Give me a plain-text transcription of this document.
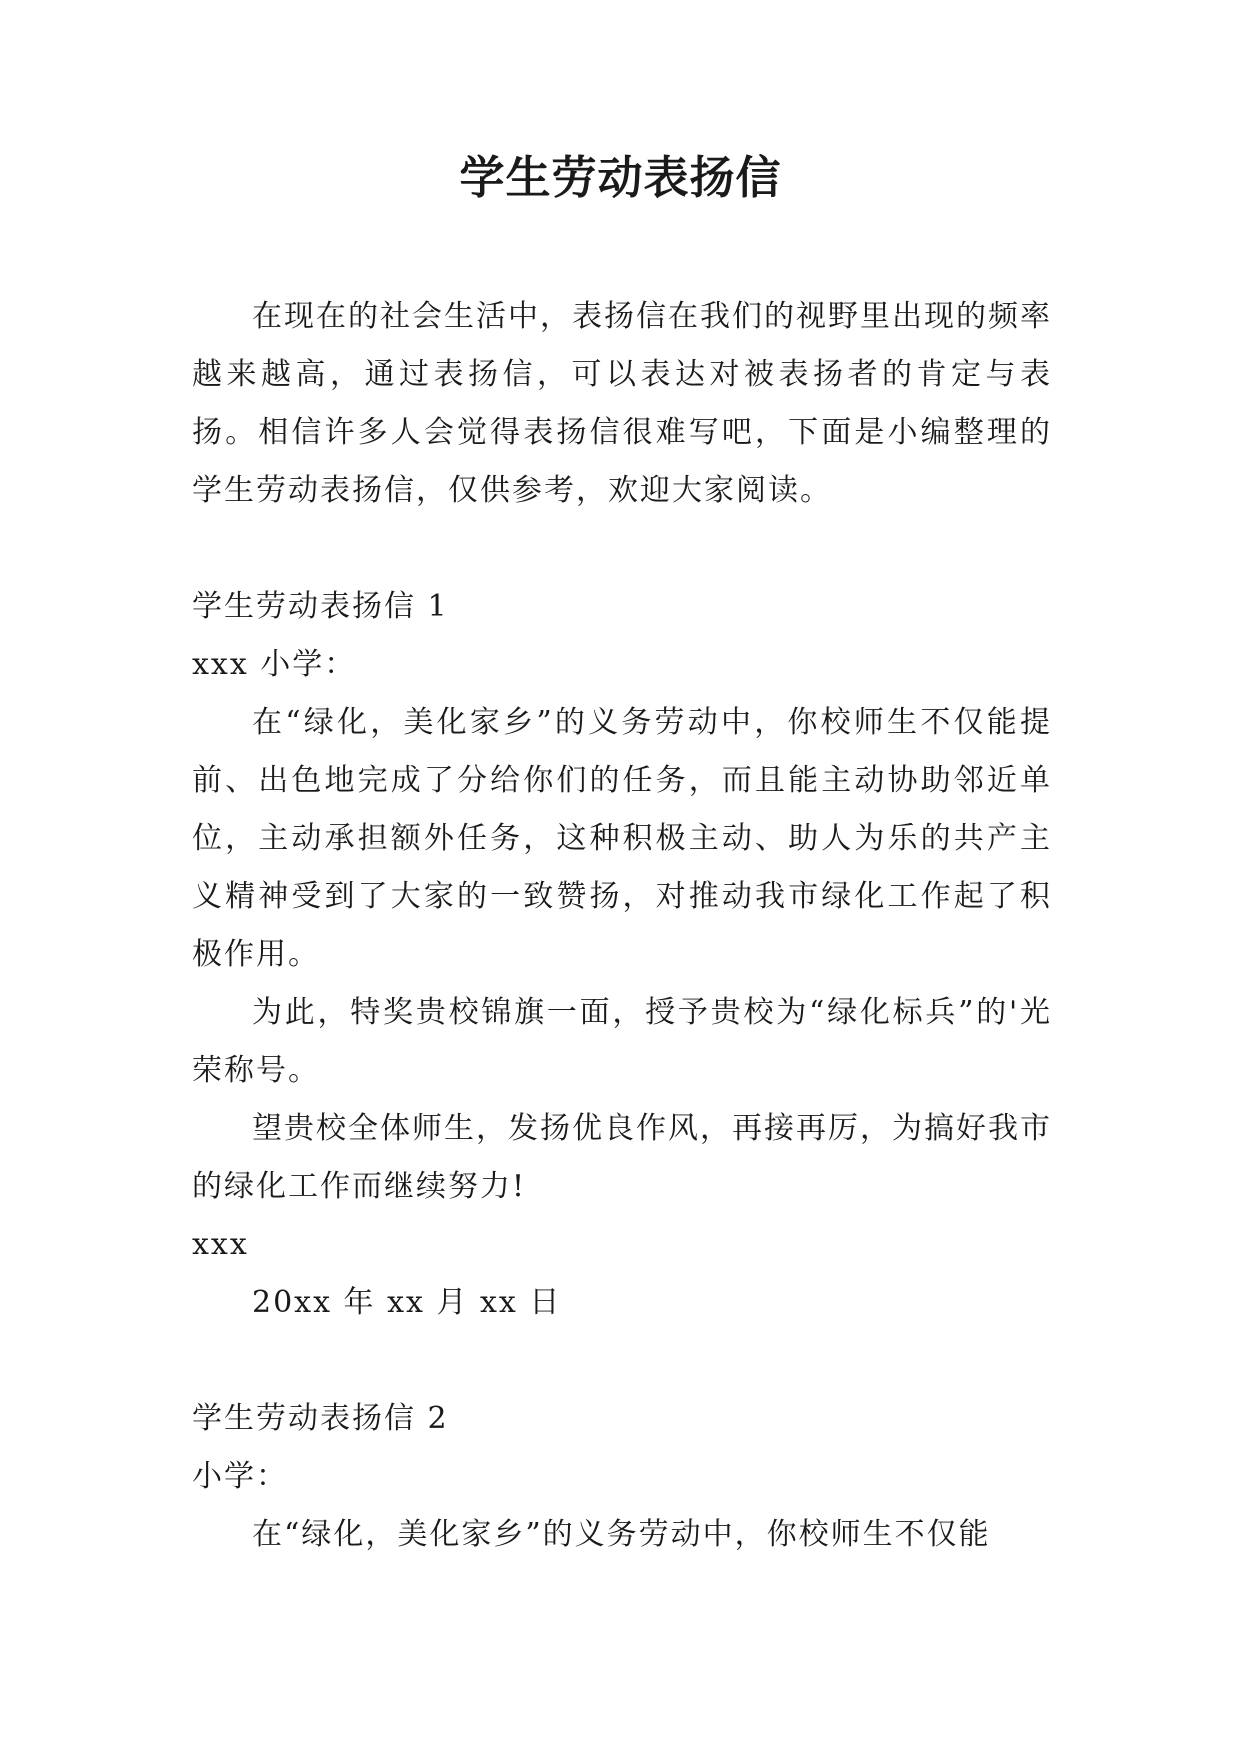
学生劳动表扬信

在现在的社会生活中，表扬信在我们的视野里出现的频率越来越高，通过表扬信，可以表达对被表扬者的肯定与表扬。相信许多人会觉得表扬信很难写吧，下面是小编整理的学生劳动表扬信，仅供参考，欢迎大家阅读。

学生劳动表扬信 1

xxx 小学：

在“绿化，美化家乡”的义务劳动中，你校师生不仅能提前、出色地完成了分给你们的任务，而且能主动协助邻近单位，主动承担额外任务，这种积极主动、助人为乐的共产主义精神受到了大家的一致赞扬，对推动我市绿化工作起了积极作用。

为此，特奖贵校锦旗一面，授予贵校为“绿化标兵”的'光荣称号。

望贵校全体师生，发扬优良作风，再接再厉，为搞好我市的绿化工作而继续努力!

xxx

20xx 年 xx 月 xx 日

学生劳动表扬信 2

小学：

在“绿化，美化家乡”的义务劳动中，你校师生不仅能
